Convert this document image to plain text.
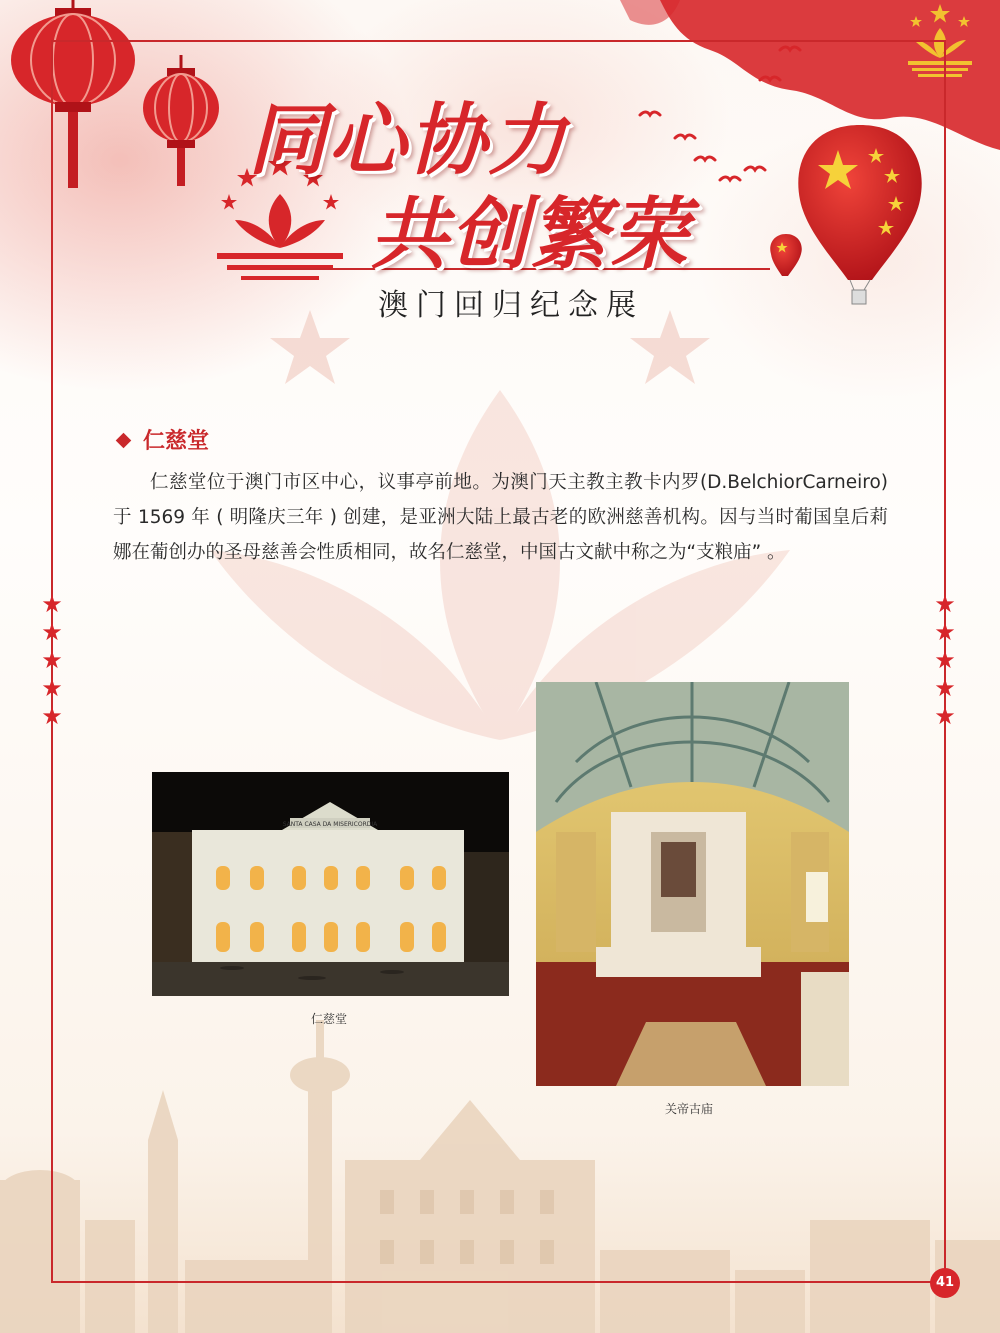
同心协力
共创繁荣
澳门回归纪念展
★
★
★
★
★
★
★
★
★
★
仁慈堂

仁慈堂位于澳门市区中心，议事亭前地。为澳门天主教主教卡内罗(D.BelchiorCarneiro) 于 1569 年 ( 明隆庆三年 ) 创建，是亚洲大陆上最古老的欧洲慈善机构。因与当时葡国皇后莉娜在葡创办的圣母慈善会性质相同，故名仁慈堂，中国古文献中称之为“支粮庙” 。

SANTA CASA DA MISERICORDIA
仁慈堂
关帝古庙
41
